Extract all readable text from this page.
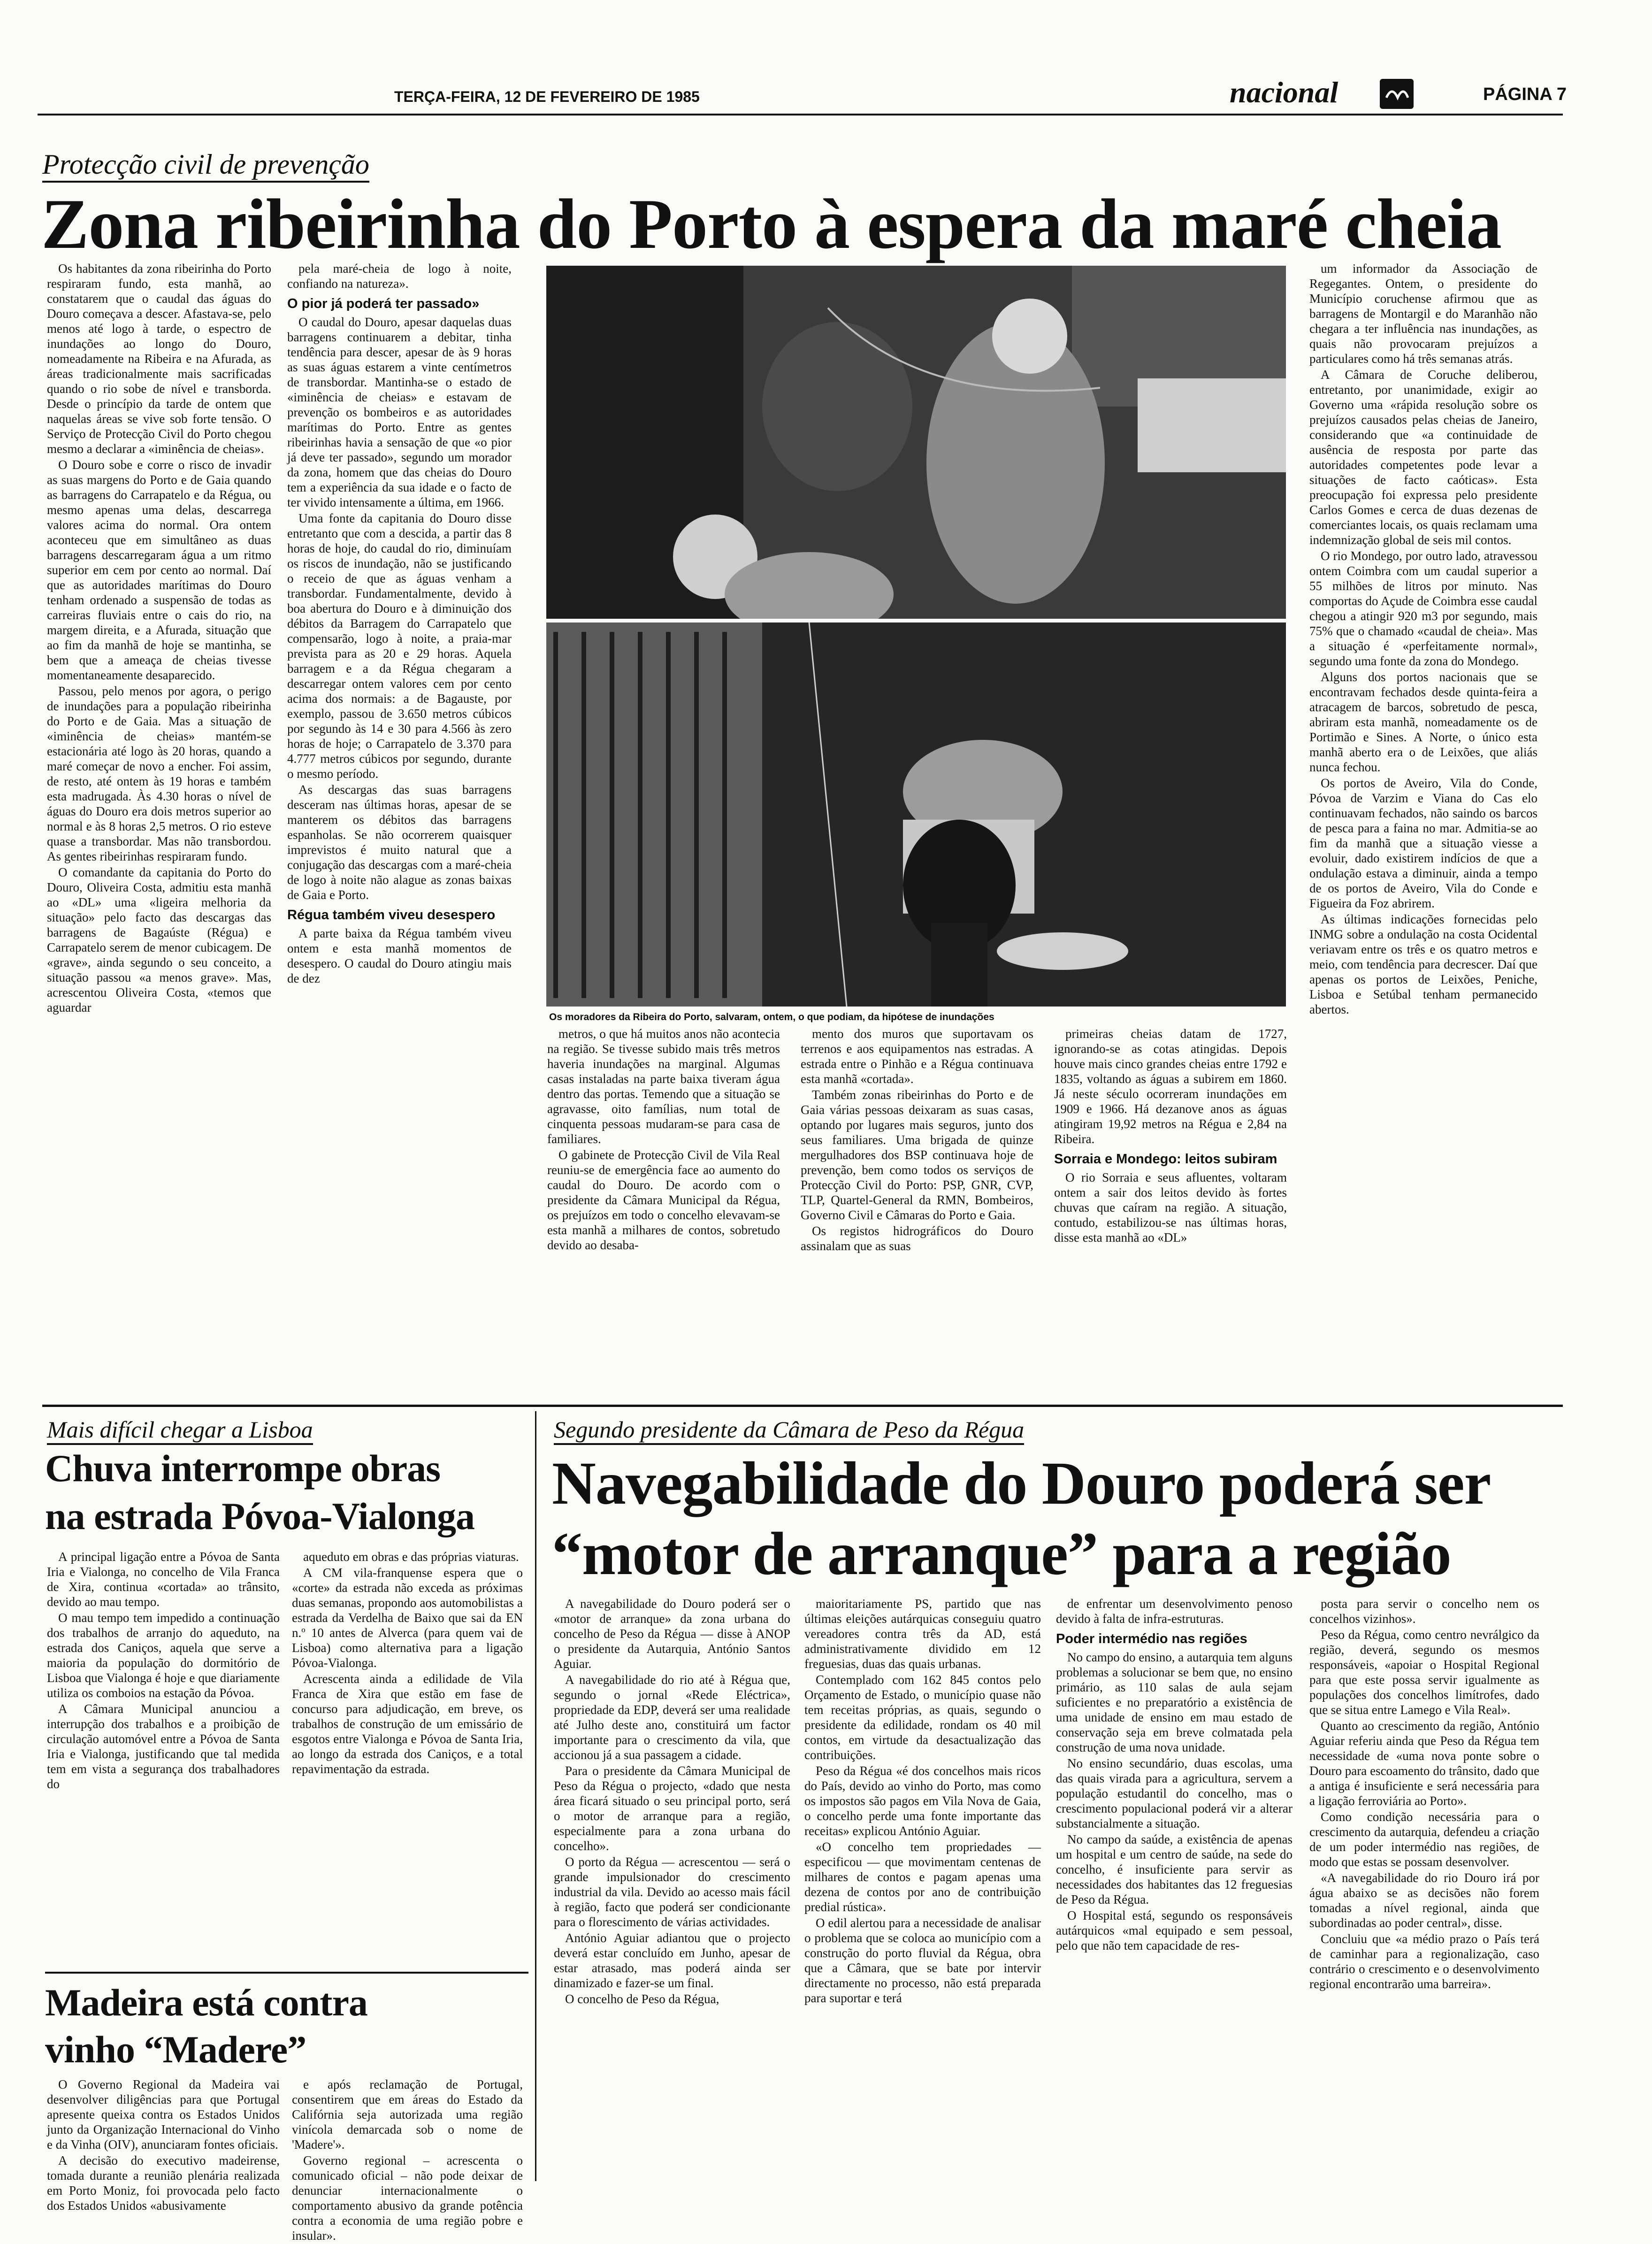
TERÇA-FEIRA, 12 DE FEVEREIRO DE 1985	nacional	PÁGINA 7
Protecção civil de prevenção
Zona ribeirinha do Porto à espera da maré cheia

Os habitantes da zona ribeirinha do Porto respiraram fundo, esta manhã, ao constatarem que o caudal das águas do Douro começava a descer. Afastava-se, pelo menos até logo à tarde, o espectro de inundações ao longo do Douro, nomeadamente na Ribeira e na Afurada, as áreas tradicionalmente mais sacrificadas quando o rio sobe de nível e transborda. Desde o princípio da tarde de ontem que naquelas áreas se vive sob forte tensão. O Serviço de Protecção Civil do Porto chegou mesmo a declarar a «iminência de cheias».

O Douro sobe e corre o risco de invadir as suas margens do Porto e de Gaia quando as barragens do Carrapatelo e da Régua, ou mesmo apenas uma delas, descarrega valores acima do normal. Ora ontem aconteceu que em simultâneo as duas barragens descarregaram água a um ritmo superior em cem por cento ao normal. Daí que as autoridades marítimas do Douro tenham ordenado a suspensão de todas as carreiras fluviais entre o cais do rio, na margem direita, e a Afurada, situação que ao fim da manhã de hoje se mantinha, se bem que a ameaça de cheias tivesse momentaneamente desaparecido.

Passou, pelo menos por agora, o perigo de inundações para a população ribeirinha do Porto e de Gaia. Mas a situação de «iminência de cheias» mantém-se estacionária até logo às 20 horas, quando a maré começar de novo a encher. Foi assim, de resto, até ontem às 19 horas e também esta madrugada. Às 4.30 horas o nível de águas do Douro era dois metros superior ao normal e às 8 horas 2,5 metros. O rio esteve quase a transbordar. Mas não transbordou. As gentes ribeirinhas respiraram fundo.

O comandante da capitania do Porto do Douro, Oliveira Costa, admitiu esta manhã ao «DL» uma «ligeira melhoria da situação» pelo facto das descargas das barragens de Bagaúste (Régua) e Carrapatelo serem de menor cubicagem. De «grave», ainda segundo o seu conceito, a situação passou «a menos grave». Mas, acrescentou Oliveira Costa, «temos que aguardar

pela maré-cheia de logo à noite, confiando na natureza».

O pior já poderá ter passado»

O caudal do Douro, apesar daquelas duas barragens continuarem a debitar, tinha tendência para descer, apesar de às 9 horas as suas águas estarem a vinte centímetros de transbordar. Mantinha-se o estado de «iminência de cheias» e estavam de prevenção os bombeiros e as autoridades marítimas do Porto. Entre as gentes ribeirinhas havia a sensação de que «o pior já deve ter passado», segundo um morador da zona, homem que das cheias do Douro tem a experiência da sua idade e o facto de ter vivido intensamente a última, em 1966.

Uma fonte da capitania do Douro disse entretanto que com a descida, a partir das 8 horas de hoje, do caudal do rio, diminuíam os riscos de inundação, não se justificando o receio de que as águas venham a transbordar. Fundamentalmente, devido à boa abertura do Douro e à diminuição dos débitos da Barragem do Carrapatelo que compensarão, logo à noite, a praia-mar prevista para as 20 e 29 horas. Aquela barragem e a da Régua chegaram a descarregar ontem valores cem por cento acima dos normais: a de Bagauste, por exemplo, passou de 3.650 metros cúbicos por segundo às 14 e 30 para 4.566 às zero horas de hoje; o Carrapatelo de 3.370 para 4.777 metros cúbicos por segundo, durante o mesmo período.

As descargas das suas barragens desceram nas últimas horas, apesar de se manterem os débitos das barragens espanholas. Se não ocorrerem quaisquer imprevistos é muito natural que a conjugação das descargas com a maré-cheia de logo à noite não alague as zonas baixas de Gaia e Porto.

Régua também viveu desespero

A parte baixa da Régua também viveu ontem e esta manhã momentos de desespero. O caudal do Douro atingiu mais de dez

Os moradores da Ribeira do Porto, salvaram, ontem, o que podiam, da hipótese de inundações

metros, o que há muitos anos não acontecia na região. Se tivesse subido mais três metros haveria inundações na marginal. Algumas casas instaladas na parte baixa tiveram água dentro das portas. Temendo que a situação se agravasse, oito famílias, num total de cinquenta pessoas mudaram-se para casa de familiares.

O gabinete de Protecção Civil de Vila Real reuniu-se de emergência face ao aumento do caudal do Douro. De acordo com o presidente da Câmara Municipal da Régua, os prejuízos em todo o concelho elevavam-se esta manhã a milhares de contos, sobretudo devido ao desaba-

mento dos muros que suportavam os terrenos e aos equipamentos nas estradas. A estrada entre o Pinhão e a Régua continuava esta manhã «cortada».

Também zonas ribeirinhas do Porto e de Gaia várias pessoas deixaram as suas casas, optando por lugares mais seguros, junto dos seus familiares. Uma brigada de quinze mergulhadores dos BSP continuava hoje de prevenção, bem como todos os serviços de Protecção Civil do Porto: PSP, GNR, CVP, TLP, Quartel-General da RMN, Bombeiros, Governo Civil e Câmaras do Porto e Gaia.

Os registos hidrográficos do Douro assinalam que as suas

primeiras cheias datam de 1727, ignorando-se as cotas atingidas. Depois houve mais cinco grandes cheias entre 1792 e 1835, voltando as águas a subirem em 1860. Já neste século ocorreram inundações em 1909 e 1966. Há dezanove anos as águas atingiram 19,92 metros na Régua e 2,84 na Ribeira.

Sorraia e Mondego: leitos subiram

O rio Sorraia e seus afluentes, voltaram ontem a sair dos leitos devido às fortes chuvas que caíram na região. A situação, contudo, estabilizou-se nas últimas horas, disse esta manhã ao «DL»

um informador da Associação de Regegantes. Ontem, o presidente do Município coruchense afirmou que as barragens de Montargil e do Maranhão não chegara a ter influência nas inundações, as quais não provocaram prejuízos a particulares como há três semanas atrás.

A Câmara de Coruche deliberou, entretanto, por unanimidade, exigir ao Governo uma «rápida resolução sobre os prejuízos causados pelas cheias de Janeiro, considerando que «a continuidade de ausência de resposta por parte das autoridades competentes pode levar a situações de facto caóticas». Esta preocupação foi expressa pelo presidente Carlos Gomes e cerca de duas dezenas de comerciantes locais, os quais reclamam uma indemnização global de seis mil contos.

O rio Mondego, por outro lado, atravessou ontem Coimbra com um caudal superior a 55 milhões de litros por minuto. Nas comportas do Açude de Coimbra esse caudal chegou a atingir 920 m3 por segundo, mais 75% que o chamado «caudal de cheia». Mas a situação é «perfeitamente normal», segundo uma fonte da zona do Mondego.

Alguns dos portos nacionais que se encontravam fechados desde quinta-feira a atracagem de barcos, sobretudo de pesca, abriram esta manhã, nomeadamente os de Portimão e Sines. A Norte, o único esta manhã aberto era o de Leixões, que aliás nunca fechou.

Os portos de Aveiro, Vila do Conde, Póvoa de Varzim e Viana do Cas elo continuavam fechados, não saindo os barcos de pesca para a faina no mar. Admitia-se ao fim da manhã que a situação viesse a evoluir, dado existirem indícios de que a ondulação estava a diminuir, ainda a tempo de os portos de Aveiro, Vila do Conde e Figueira da Foz abrirem.

As últimas indicações fornecidas pelo INMG sobre a ondulação na costa Ocidental veriavam entre os três e os quatro metros e meio, com tendência para decrescer. Daí que apenas os portos de Leixões, Peniche, Lisboa e Setúbal tenham permanecido abertos.

Mais difícil chegar a Lisboa
Chuva interrompe obras
na estrada Póvoa-Vialonga

A principal ligação entre a Póvoa de Santa Iria e Vialonga, no concelho de Vila Franca de Xira, continua «cortada» ao trânsito, devido ao mau tempo.

O mau tempo tem impedido a continuação dos trabalhos de arranjo do aqueduto, na estrada dos Caniços, aquela que serve a maioria da população do dormitório de Lisboa que Vialonga é hoje e que diariamente utiliza os comboios na estação da Póvoa.

A Câmara Municipal anunciou a interrupção dos trabalhos e a proibição de circulação automóvel entre a Póvoa de Santa Iria e Vialonga, justificando que tal medida tem em vista a segurança dos trabalhadores do

aqueduto em obras e das próprias viaturas.

A CM vila-franquense espera que o «corte» da estrada não exceda as próximas duas semanas, propondo aos automobilistas a estrada da Verdelha de Baixo que sai da EN n.º 10 antes de Alverca (para quem vai de Lisboa) como alternativa para a ligação Póvoa-Vialonga.

Acrescenta ainda a edilidade de Vila Franca de Xira que estão em fase de concurso para adjudicação, em breve, os trabalhos de construção de um emissário de esgotos entre Vialonga e Póvoa de Santa Iria, ao longo da estrada dos Caniços, e a total repavimentação da estrada.

Madeira está contra
vinho “Madere”

O Governo Regional da Madeira vai desenvolver diligências para que Portugal apresente queixa contra os Estados Unidos junto da Organização Internacional do Vinho e da Vinha (OIV), anunciaram fontes oficiais.

A decisão do executivo madeirense, tomada durante a reunião plenária realizada em Porto Moniz, foi provocada pelo facto dos Estados Unidos «abusivamente

e após reclamação de Portugal, consentirem que em áreas do Estado da Califórnia seja autorizada uma região vinícola demarcada sob o nome de 'Madere'».

Governo regional – acrescenta o comunicado oficial – não pode deixar de denunciar internacionalmente o comportamento abusivo da grande potência contra a economia de uma região pobre e insular».

Segundo presidente da Câmara de Peso da Régua
Navegabilidade do Douro poderá ser
“motor de arranque” para a região

A navegabilidade do Douro poderá ser o «motor de arranque» da zona urbana do concelho de Peso da Régua — disse à ANOP o presidente da Autarquia, António Santos Aguiar.

A navegabilidade do rio até à Régua que, segundo o jornal «Rede Eléctrica», propriedade da EDP, deverá ser uma realidade até Julho deste ano, constituirá um factor importante para o crescimento da vila, que accionou já a sua passagem a cidade.

Para o presidente da Câmara Municipal de Peso da Régua o projecto, «dado que nesta área ficará situado o seu principal porto, será o motor de arranque para a região, especialmente para a zona urbana do concelho».

O porto da Régua — acrescentou — será o grande impulsionador do crescimento industrial da vila. Devido ao acesso mais fácil à região, facto que poderá ser condicionante para o florescimento de várias actividades.

António Aguiar adiantou que o projecto deverá estar concluído em Junho, apesar de estar atrasado, mas poderá ainda ser dinamizado e fazer-se um final.

O concelho de Peso da Régua,

maioritariamente PS, partido que nas últimas eleições autárquicas conseguiu quatro vereadores contra três da AD, está administrativamente dividido em 12 freguesias, duas das quais urbanas.

Contemplado com 162 845 contos pelo Orçamento de Estado, o município quase não tem receitas próprias, as quais, segundo o presidente da edilidade, rondam os 40 mil contos, em virtude da desactualização das contribuições.

Peso da Régua «é dos concelhos mais ricos do País, devido ao vinho do Porto, mas como os impostos são pagos em Vila Nova de Gaia, o concelho perde uma fonte importante das receitas» explicou António Aguiar.

«O concelho tem propriedades — especificou — que movimentam centenas de milhares de contos e pagam apenas uma dezena de contos por ano de contribuição predial rústica».

O edil alertou para a necessidade de analisar o problema que se coloca ao município com a construção do porto fluvial da Régua, obra que a Câmara, que se bate por intervir directamente no processo, não está preparada para suportar e terá

de enfrentar um desenvolvimento penoso devido à falta de infra-estruturas.

Poder intermédio nas regiões

No campo do ensino, a autarquia tem alguns problemas a solucionar se bem que, no ensino primário, as 110 salas de aula sejam suficientes e no preparatório a existência de uma unidade de ensino em mau estado de conservação seja em breve colmatada pela construção de uma nova unidade.

No ensino secundário, duas escolas, uma das quais virada para a agricultura, servem a população estudantil do concelho, mas o crescimento populacional poderá vir a alterar substancialmente a situação.

No campo da saúde, a existência de apenas um hospital e um centro de saúde, na sede do concelho, é insuficiente para servir as necessidades dos habitantes das 12 freguesias de Peso da Régua.

O Hospital está, segundo os responsáveis autárquicos «mal equipado e sem pessoal, pelo que não tem capacidade de res-

posta para servir o concelho nem os concelhos vizinhos».

Peso da Régua, como centro nevrálgico da região, deverá, segundo os mesmos responsáveis, «apoiar o Hospital Regional para que este possa servir igualmente as populações dos concelhos limítrofes, dado que se situa entre Lamego e Vila Real».

Quanto ao crescimento da região, António Aguiar referiu ainda que Peso da Régua tem necessidade de «uma nova ponte sobre o Douro para escoamento do trânsito, dado que a antiga é insuficiente e será necessária para a ligação ferroviária ao Porto».

Como condição necessária para o crescimento da autarquia, defendeu a criação de um poder intermédio nas regiões, de modo que estas se possam desenvolver.

«A navegabilidade do rio Douro irá por água abaixo se as decisões não forem tomadas a nível regional, ainda que subordinadas ao poder central», disse.

Concluiu que «a médio prazo o País terá de caminhar para a regionalização, caso contrário o crescimento e o desenvolvimento regional encontrarão uma barreira».
